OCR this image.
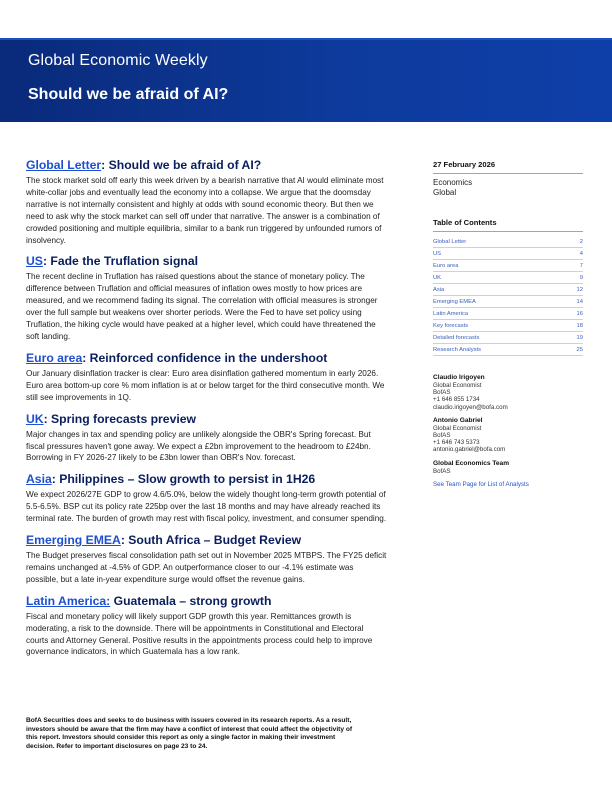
Global Economic Weekly
Should we be afraid of AI?
Global Letter: Should we be afraid of AI?
The stock market sold off early this week driven by a bearish narrative that AI would eliminate most white-collar jobs and eventually lead the economy into a collapse. We argue that the doomsday narrative is not internally consistent and highly at odds with sound economic theory. But then we need to ask why the stock market can sell off under that narrative. The answer is a combination of crowded positioning and multiple equilibria, similar to a bank run triggered by unfounded rumors of insolvency.
US: Fade the Truflation signal
The recent decline in Truflation has raised questions about the stance of monetary policy. The difference between Truflation and official measures of inflation owes mostly to how prices are measured, and we recommend fading its signal. The correlation with official measures is stronger over the full sample but weakens over shorter periods. Were the Fed to have set policy using Truflation, the hiking cycle would have peaked at a higher level, which could have threatened the soft landing.
Euro area: Reinforced confidence in the undershoot
Our January disinflation tracker is clear: Euro area disinflation gathered momentum in early 2026. Euro area bottom-up core % mom inflation is at or below target for the third consecutive month. We still see improvements in 1Q.
UK: Spring forecasts preview
Major changes in tax and spending policy are unlikely alongside the OBR's Spring forecast. But fiscal pressures haven't gone away. We expect a £2bn improvement to the headroom to £24bn. Borrowing in FY 2026-27 likely to be £3bn lower than OBR's Nov. forecast.
Asia: Philippines – Slow growth to persist in 1H26
We expect 2026/27E GDP to grow 4.6/5.0%, below the widely thought long-term growth potential of 5.5-6.5%. BSP cut its policy rate 225bp over the last 18 months and may have already reached its terminal rate. The burden of growth may rest with fiscal policy, investment, and consumer spending.
Emerging EMEA: South Africa – Budget Review
The Budget preserves fiscal consolidation path set out in November 2025 MTBPS. The FY25 deficit remains unchanged at -4.5% of GDP. An outperformance closer to our -4.1% estimate was possible, but a late in-year expenditure surge would offset the revenue gains.
Latin America: Guatemala – strong growth
Fiscal and monetary policy will likely support GDP growth this year. Remittances growth is moderating, a risk to the downside. There will be appointments in Constitutional and Electoral courts and Attorney General. Positive results in the appointments process could help to improve governance indicators, in which Guatemala has a low rank.
27 February 2026
Economics
Global
Table of Contents
Global Letter	2
US	4
Euro area	7
UK	9
Asia	12
Emerging EMEA	14
Latin America	16
Key forecasts	18
Detailed forecasts	19
Research Analysts	25
Claudio Irigoyen
Global Economist
BofAS
+1 646 855 1734
claudio.irigoyen@bofa.com
Antonio Gabriel
Global Economist
BofAS
+1 646 743 5373
antonio.gabriel@bofa.com
Global Economics Team
BofAS
See Team Page for List of Analysts
BofA Securities does and seeks to do business with issuers covered in its research reports. As a result, investors should be aware that the firm may have a conflict of interest that could affect the objectivity of this report. Investors should consider this report as only a single factor in making their investment decision. Refer to important disclosures on page 23 to 24.
